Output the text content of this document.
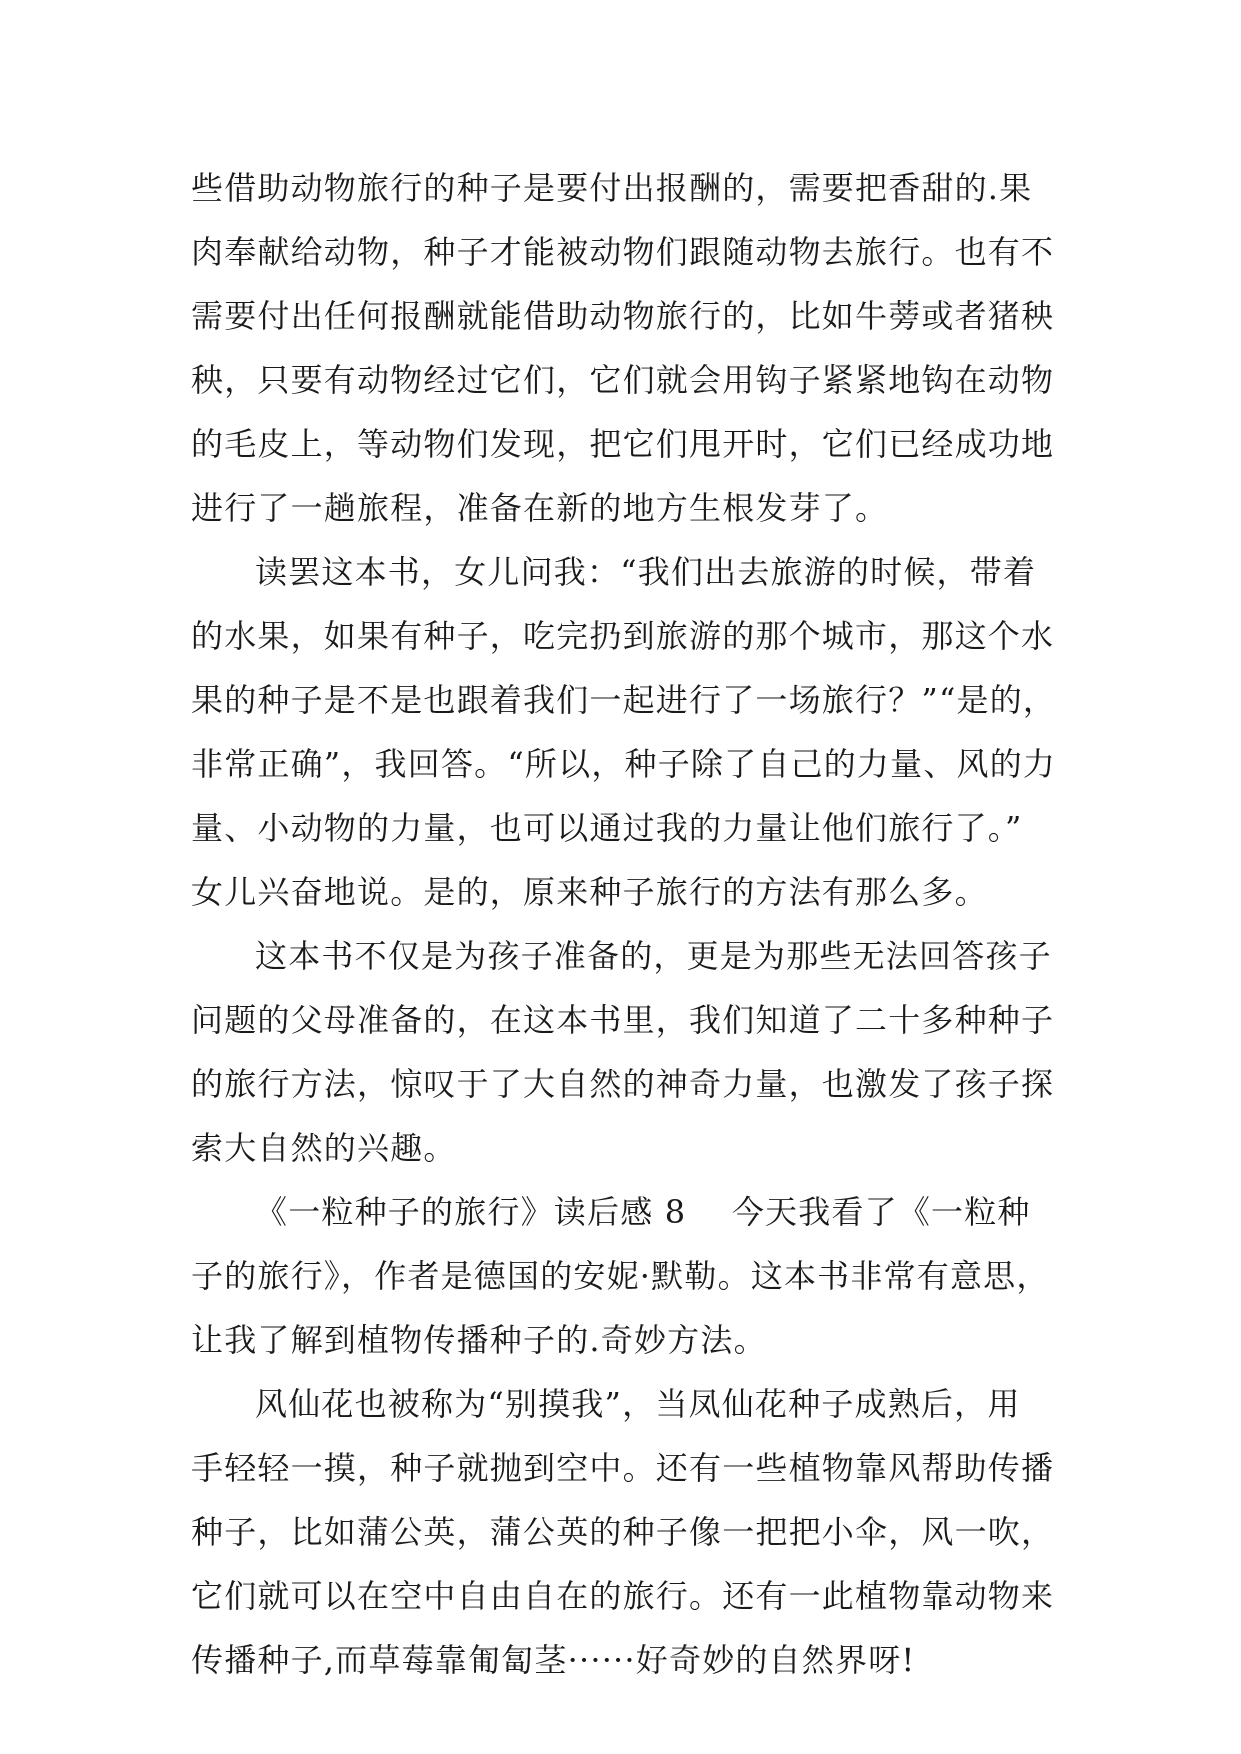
些借助动物旅行的种子是要付出报酬的，需要把香甜的.果
肉奉献给动物，种子才能被动物们跟随动物去旅行。也有不
需要付出任何报酬就能借助动物旅行的，比如牛蒡或者猪秧
秧，只要有动物经过它们，它们就会用钩子紧紧地钩在动物
的毛皮上，等动物们发现，把它们甩开时，它们已经成功地
进行了一趟旅程，准备在新的地方生根发芽了。
读罢这本书，女儿问我：“我们出去旅游的时候，带着
的水果，如果有种子，吃完扔到旅游的那个城市，那这个水
果的种子是不是也跟着我们一起进行了一场旅行？”“是的，
非常正确”，我回答。“所以，种子除了自己的力量、风的力
量、小动物的力量，也可以通过我的力量让他们旅行了。”
女儿兴奋地说。是的，原来种子旅行的方法有那么多。
这本书不仅是为孩子准备的，更是为那些无法回答孩子
问题的父母准备的，在这本书里，我们知道了二十多种种子
的旅行方法，惊叹于了大自然的神奇力量，也激发了孩子探
索大自然的兴趣。
《一粒种子的旅行》读后感 8    今天我看了《一粒种
子的旅行》，作者是德国的安妮·默勒。这本书非常有意思，
让我了解到植物传播种子的.奇妙方法。
风仙花也被称为“别摸我”，当凤仙花种子成熟后，用
手轻轻一摸，种子就抛到空中。还有一些植物靠风帮助传播
种子，比如蒲公英，蒲公英的种子像一把把小伞，风一吹，
它们就可以在空中自由自在的旅行。还有一此植物靠动物来
传播种子,而草莓靠匍匐茎······好奇妙的自然界呀!
